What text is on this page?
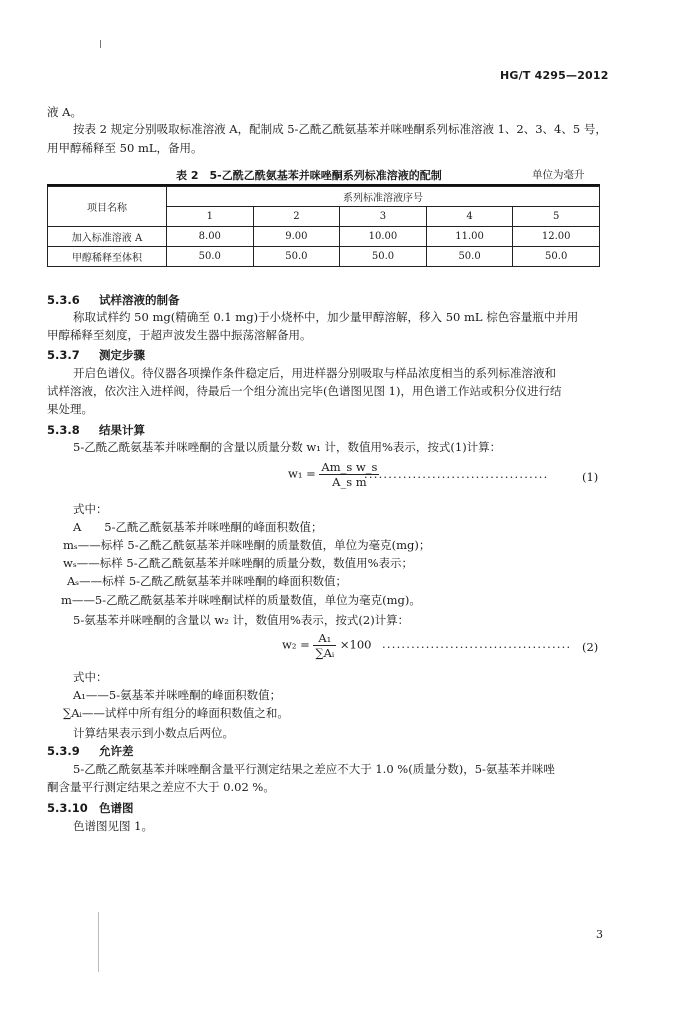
HG/T 4295—2012
液 A。
按表 2 规定分别吸取标准溶液 A，配制成 5-乙酰乙酰氨基苯并咪唑酮系列标准溶液 1、2、3、4、5 号，
用甲醇稀释至 50 mL，备用。
表 2　5-乙酰乙酰氨基苯并咪唑酮系列标准溶液的配制	单位为毫升
项目名称	系列标准溶液序号				
	1	2	3	4	5
加入标准溶液 A	8.00	9.00	10.00	11.00	12.00
甲醇稀释至体积	50.0	50.0	50.0	50.0	50.0
5.3.6 试样溶液的制备
称取试样约 50 mg(精确至 0.1 mg)于小烧杯中，加少量甲醇溶解，移入 50 mL 棕色容量瓶中并用
甲醇稀释至刻度，于超声波发生器中振荡溶解备用。
5.3.7 测定步骤
开启色谱仪。待仪器各项操作条件稳定后，用进样器分别吸取与样品浓度相当的系列标准溶液和
试样溶液，依次注入进样阀，待最后一个组分流出完毕(色谱图见图 1)，用色谱工作站或积分仪进行结
果处理。
5.3.8 结果计算
5-乙酰乙酰氨基苯并咪唑酮的含量以质量分数 w₁ 计，数值用%表示，按式(1)计算：
$w_1 = \frac{\text{Am\_s w\_s}}{\text{A\_s m}}$
······································	(1)
式中：
A　　5-乙酰乙酰氨基苯并咪唑酮的峰面积数值；
mₛ——标样 5-乙酰乙酰氨基苯并咪唑酮的质量数值，单位为毫克(mg)；
wₛ——标样 5-乙酰乙酰氨基苯并咪唑酮的质量分数，数值用%表示；
Aₛ——标样 5-乙酰乙酰氨基苯并咪唑酮的峰面积数值；
m——5-乙酰乙酰氨基苯并咪唑酮试样的质量数值，单位为毫克(mg)。
5-氨基苯并咪唑酮的含量以 w₂ 计，数值用%表示，按式(2)计算：
$w_2 = \frac{\text{A₁}}{\text{∑Aᵢ}} \times 100$ ······································· (2)
式中：
A₁——5-氨基苯并咪唑酮的峰面积数值；
∑Aᵢ——试样中所有组分的峰面积数值之和。
计算结果表示到小数点后两位。
5.3.9 允许差
5-乙酰乙酰氨基苯并咪唑酮含量平行测定结果之差应不大于 1.0 %(质量分数)，5-氨基苯并咪唑
酮含量平行测定结果之差应不大于 0.02 %。
5.3.10 色谱图
色谱图见图 1。
3
